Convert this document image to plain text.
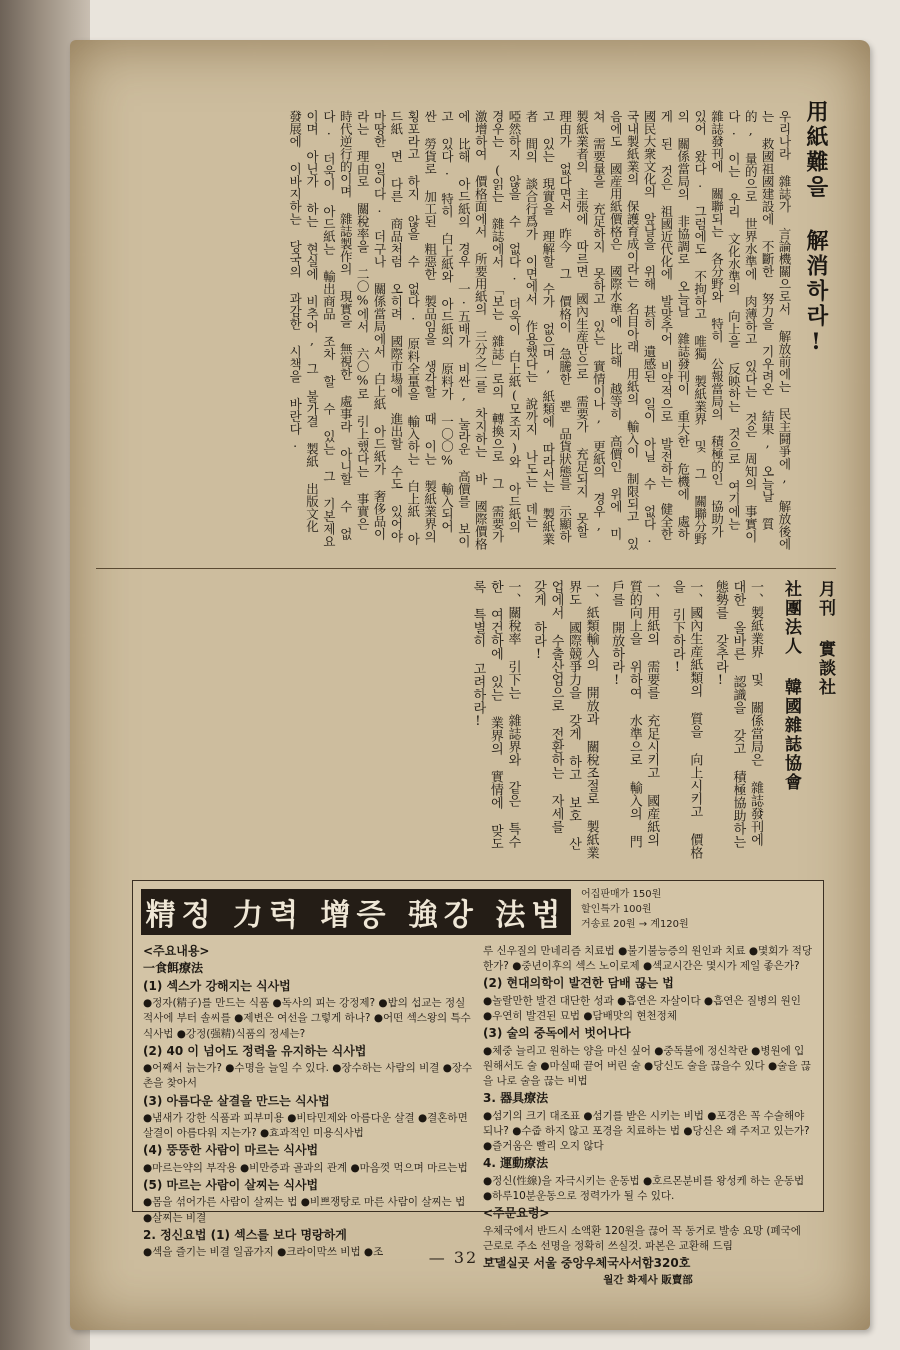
用紙難을 解消하라!
우리나라 雜誌가 言論機關으로서 解放前에는 民主鬪爭에, 解放後에는 救國祖國建設에 不斷한 努力을 기우려온 結果, 오늘날 質的, 量的으로 世界水準에 肉薄하고 있다는 것은 周知의 事實이다. 이는 우리 文化水準의 向上을 反映하는 것으로 여기에는 雜誌發刊에 關聯되는 各分野와 特히 公報當局의 積極的인 協助가 있어 왔다. 그럼에도 不拘하고 唯獨 製紙業界 및 그 關聯分野의 關係當局의 非協調로 오늘날 雜誌發刊이 重大한 危機에 處하게 된 것은 祖國近代化에 발맞추어 비약적으로 발전하는 健全한 國民大衆文化의 앞날을 위해 甚히 遺感된 일이 아닐 수 없다. 국내製紙業의 保護育成이라는 名目아래 用紙의 輸入이 制限되고 있음에도 國産用紙價格은 國際水準에 比해 越等히 高價인 위에 미쳐 需要量을 充足하지 못하고 있는 實情이나, 更紙의 경우, 製紙業者의 主張에 따르면 國內生産만으로 需要가 充足되지 못할 理由가 없다면서 昨今 그 價格이 急騰한 뿐 品貨狀態를 示顯하고 있는 現實을 理解할 수가 없으며, 紙類에 따라서는 製紙業者 間의 談合行爲가 이면에서 作용했다는 說까지 나도는 데는 啞然하지 않을 수 없다. 더욱이 白上紙(모조지)와 아드紙의 경우는 (읽는 雜誌에서 「보는 雜誌」로의 轉換으로 그 需要가 激增하여 價格面에서 所要用紙의 三分之二를 차지하는 바 國際價格에 比해 아드紙의 경우 一·五배가 비싼, 눌라운 高價를 보이고 있다. 特히 白上紙와 아드紙의 原料가 一〇〇% 輸入되어 싼 勞貨로 加工된 粗惡한 製品임을 생각할 때 이는 製紙業界의 횡포라고 하지 않을 수 없다. 原料全量을 輸入하는 白上紙 아드紙 면 다른 商品처럼 오히려 國際市場에 進出할 수도 있어야 마땅한 일이다. 더구나 關係當局에서 白上紙 아드紙가 奢侈品이라는 理由로 關稅率을 二〇%에서 六〇%로 引上했다는 事實은 時代逆行的이며 雜誌製作의 現實을 無視한 處事라 아니할 수 없다. 더욱이 아드紙는 輸出商品 조차 할 수 있는 그 기본제요이며 아닌가 하는 현실에 비추어, 그 불가결 製紙 出版文化 發展에 이바지하는 당국의 과감한 시책을 바란다.
月刊 實談社
社團法人 韓國雜誌協會
一、製紙業界 및 關係當局은 雜誌發刊에 대한 올바른 認識을 갖고 積極協助하는 態勢를 갖추라!
一、國內生産紙類의 質을 向上시키고 價格을 引下하라!
一、用紙의 需要를 充足시키고 國産紙의 質的向上을 위하여 水準으로 輸入의 門戶를 開放하라!
一、紙類輸入의 開放과 關稅조절로 製紙業界도 國際競爭力을 갖게 하고 보호 산업에서 수출산업으로 전환하는 자세를 갖게 하라!
一、關稅率 引下는 雜誌界와 같은 특수한 여건하에 있는 業界의 實情에 맞도록 특별히 고려하라!
精정 力력 增증 強강 法법
어집판매가 150원
할인특가 100원
거송료 20원 → 계120원
<주요내용>
一食餌療法
(1) 섹스가 강해지는 식사법
●정자(精子)를 만드는 식품 ●독사의 피는 강정제? ●밥의 섭교는 정실적사에 부터 솔씨를 ●제변은 여선을 그렇게 하나? ●어떤 섹스왕의 특수 식사법 ●강정(强精)식품의 정세는?
(2) 40 이 넘어도 정력을 유지하는 식사법
●어째서 늙는가? ●수명을 늘일 수 있다. ●장수하는 사람의 비결 ●장수촌을 찾아서
(3) 아름다운 살결을 만드는 식사법
●냄새가 강한 식품과 피부미용 ●비타민제와 아름다운 살결 ●결혼하면 살결이 아름다워 지는가? ●효과적인 미용식사법
(4) 뚱뚱한 사람이 마르는 식사법
●마르는약의 부작용 ●비만증과 골과의 관계 ●마음껏 먹으며 마르는법
(5) 마르는 사람이 살찌는 식사법
●몸을 섞어가른 사람이 살찌는 법 ●비쁘쟁탕로 마른 사람이 살찌는 법 ●살찌는 비결
2. 정신요법 (1) 섹스를 보다 명랑하게
●섹을 즐기는 비결 일곱가지 ●크라이막쓰 비법 ●조
루 신우질의 만네리즘 치료법 ●불기불능증의 원인과 치료 ●몇회가 적당한가? ●중년이후의 섹스 노이로제 ●섹교시간은 몇시가 제일 좋은가?
(2) 현대의학이 발견한 담배 끊는 법
●놀랄만한 발견 대단한 성과 ●흡연은 자살이다 ●흡연은 질병의 원인 ●우연히 발견된 묘법 ●담배맛의 현천정체
(3) 술의 중독에서 벗어나다
●체중 늘리고 원하는 양을 마신 싶어 ●중독불에 정신착란 ●병원에 입원해서도 술 ●마실때 끝어 버린 술 ●당신도 술을 끊을수 있다 ●술을 끊을 나로 술을 끊는 비법
3. 器具療法
●섬기의 크기 대조표 ●섬기를 받은 시키는 비법 ●포경은 꼭 수술해야 되나? ●수줍 하지 않고 포경을 치료하는 법 ●당신은 왜 주저고 있는가? ●즐거움은 빨리 오지 않다
4. 運動療法
●정신(性線)을 자극시키는 운동법 ●호르몬분비를 왕성케 하는 운동법 ●하루10분운동으로 정력가가 될 수 있다.
<주문요령>
우체국에서 반드시 소액환 120원을 끊어 꼭 동거로 발송 요망 (폐국에 근로로 주소 선명을 정확히 쓰실것. 파본은 교환해 드림
보낼실곳 서울 중앙우체국사서함320호
월간 화제사 販賣部
— 32 —
